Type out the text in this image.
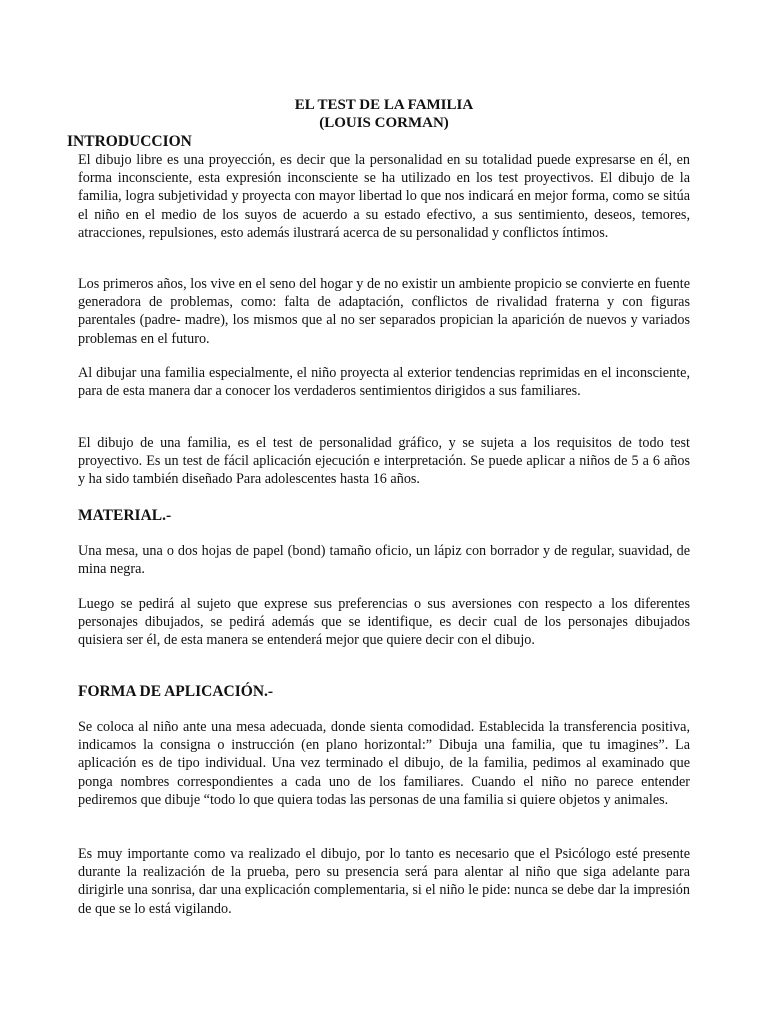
EL TEST DE LA FAMILIA
(LOUIS CORMAN)
INTRODUCCION
El dibujo libre es una proyección, es decir que la personalidad en su totalidad puede expresarse en él, en forma inconsciente, esta expresión inconsciente se ha utilizado en los test proyectivos. El dibujo de la familia, logra subjetividad y proyecta con mayor libertad lo que nos indicará en mejor forma, como se sitúa el niño en el medio de los suyos de acuerdo a su estado efectivo, a sus sentimiento, deseos, temores, atracciones, repulsiones, esto además ilustrará acerca de su personalidad y conflictos íntimos.
Los primeros años, los vive en el seno del hogar y de no existir un ambiente propicio se convierte en fuente generadora de problemas, como: falta de adaptación, conflictos de rivalidad fraterna y con figuras parentales (padre- madre), los mismos que al no ser separados propician la aparición de nuevos y variados problemas en el futuro.
Al dibujar una familia especialmente, el niño proyecta al exterior tendencias reprimidas en el inconsciente, para de esta manera dar a conocer los verdaderos sentimientos dirigidos a sus familiares.
El dibujo de una familia, es el test de personalidad gráfico, y se sujeta a los requisitos de todo test proyectivo. Es un test de fácil aplicación ejecución e interpretación. Se puede aplicar a niños de 5 a 6 años y ha sido también diseñado Para adolescentes hasta 16 años.
MATERIAL.-
Una mesa, una o dos hojas de papel (bond) tamaño oficio, un lápiz con borrador y de regular, suavidad, de mina negra.
Luego se pedirá al sujeto que exprese sus preferencias o sus aversiones con respecto a los diferentes personajes dibujados, se pedirá además que se identifique, es decir cual de los personajes dibujados quisiera ser él, de esta manera se entenderá mejor que quiere decir con el dibujo.
FORMA DE APLICACIÓN.-
Se coloca al niño ante una mesa adecuada, donde sienta comodidad. Establecida la transferencia positiva, indicamos la consigna o instrucción (en plano horizontal:” Dibuja una familia, que tu imagines”. La aplicación es de tipo individual. Una vez terminado el dibujo, de la familia, pedimos al examinado que ponga nombres correspondientes a cada uno de los familiares. Cuando el niño no parece entender pediremos que dibuje “todo lo que quiera todas las personas de una familia si quiere objetos y animales.
Es muy importante como va realizado el dibujo, por lo tanto es necesario que el Psicólogo esté presente durante la realización de la prueba, pero su presencia será para alentar al niño que siga adelante para dirigirle una sonrisa, dar una explicación complementaria, si el niño le pide: nunca se debe dar la impresión de que se lo está vigilando.
